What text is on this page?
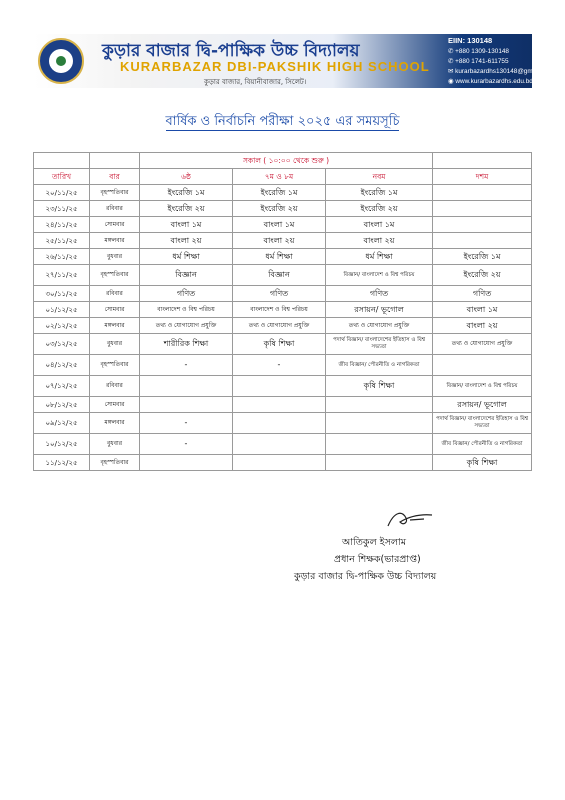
কুড়ার বাজার দ্বি-পাক্ষিক উচ্চ বিদ্যালয়
KURARBAZAR DBI-PAKSHIK HIGH SCHOOL
কুড়ার বাজার, বিয়ানীবাজার, সিলেট।
EIIN: 130148
✆ +880 1309-130148
✆ +880 1741-611755
✉ kurarbazardhs130148@gmail.com
◉ www.kurarbazardhs.edu.bd
বার্ষিক ও নির্বাচনি পরীক্ষা ২০২৫ এর সময়সূচি
		সকাল ( ১০:০০ থেকে শুরু )			
তারিখ	বার	৬ষ্ঠ	৭ম ও ৮ম	নবম	দশম
২০/১১/২৫	বৃহস্পতিবার	ইংরেজি ১ম	ইংরেজি ১ম	ইংরেজি ১ম	
২৩/১১/২৫	রবিবার	ইংরেজি ২য়	ইংরেজি ২য়	ইংরেজি ২য়	
২৪/১১/২৫	সোমবার	বাংলা ১ম	বাংলা ১ম	বাংলা ১ম	
২৫/১১/২৫	মঙ্গলবার	বাংলা ২য়	বাংলা ২য়	বাংলা ২য়	
২৬/১১/২৫	বুধবার	ধর্ম শিক্ষা	ধর্ম শিক্ষা	ধর্ম শিক্ষা	ইংরেজি ১ম
২৭/১১/২৫	বৃহস্পতিবার	বিজ্ঞান	বিজ্ঞান	বিজ্ঞান/ বাংলাদেশ ও বিশ্ব পরিচয়	ইংরেজি ২য়
৩০/১১/২৫	রবিবার	গণিত	গণিত	গণিত	গণিত
০১/১২/২৫	সোমবার	বাংলাদেশ ও বিশ্ব পরিচয়	বাংলাদেশ ও বিশ্ব পরিচয়	রসায়ন/ ভূগোল	বাংলা ১ম
০২/১২/২৫	মঙ্গলবার	তথ্য ও যোগাযোগ প্রযুক্তি	তথ্য ও যোগাযোগ প্রযুক্তি	তথ্য ও যোগাযোগ প্রযুক্তি	বাংলা ২য়
০৩/১২/২৫	বুধবার	শারীরিক শিক্ষা	কৃষি শিক্ষা	পদার্থ বিজ্ঞান/ বাংলাদেশের ইতিহাস ও বিশ্ব সভ্যতা	তথ্য ও যোগাযোগ প্রযুক্তি
০৪/১২/২৫	বৃহস্পতিবার	-	-	জীব বিজ্ঞান/ পৌরনীতি ও নাগরিকতা	
০৭/১২/২৫	রবিবার			কৃষি শিক্ষা	বিজ্ঞান/ বাংলাদেশ ও বিশ্ব পরিচয়
০৮/১২/২৫	সোমবার				রসায়ন/ ভূগোল
০৯/১২/২৫	মঙ্গলবার	-			পদার্থ বিজ্ঞান/ বাংলাদেশের ইতিহাস ও বিশ্ব সভ্যতা
১০/১২/২৫	বুধবার	-			জীব বিজ্ঞান/ পৌরনীতি ও নাগরিকতা
১১/১২/২৫	বৃহস্পতিবার				কৃষি শিক্ষা
আতিকুল ইসলাম
প্রধান শিক্ষক(ভারপ্রাপ্ত)
কুড়ার বাজার দ্বি-পাক্ষিক উচ্চ বিদ্যালয়
